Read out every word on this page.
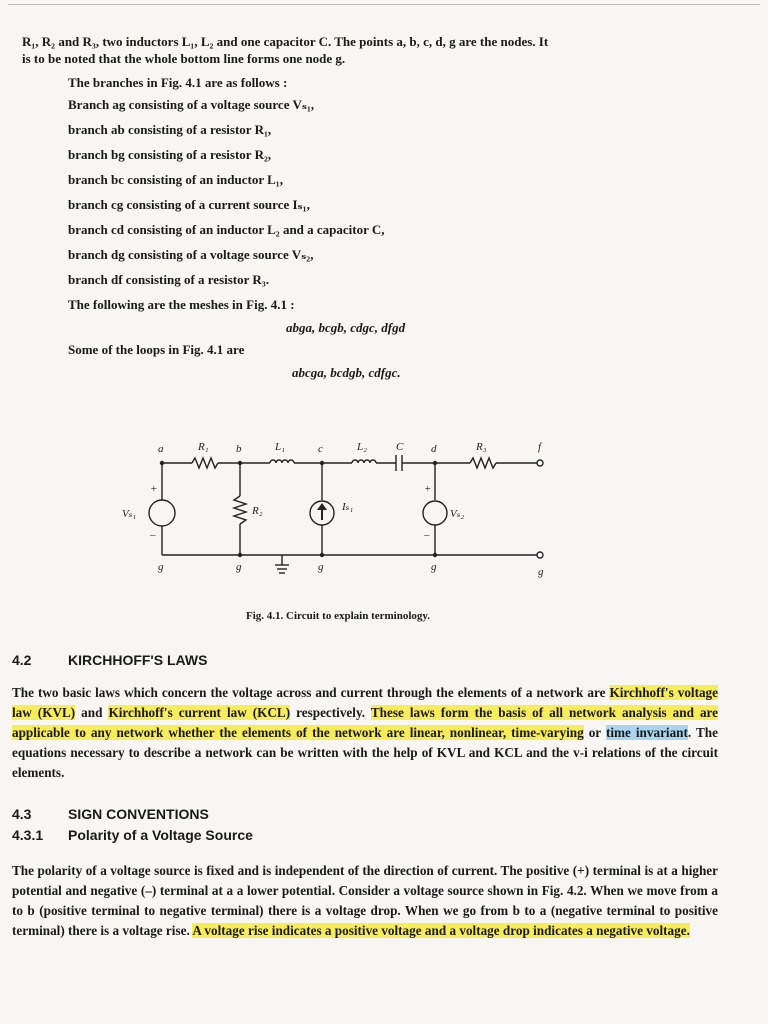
R₁, R₂ and R₃, two inductors L₁, L₂ and one capacitor C. The points a, b, c, d, g are the nodes. It
is to be noted that the whole bottom line forms one node g.
The branches in Fig. 4.1 are as follows :
Branch ag consisting of a voltage source Vₛ₁,
branch ab consisting of a resistor R₁,
branch bg consisting of a resistor R₂,
branch bc consisting of an inductor L₁,
branch cg consisting of a current source Iₛ₁,
branch cd consisting of an inductor L₂ and a capacitor C,
branch dg consisting of a voltage source Vₛ₂,
branch df consisting of a resistor R₃.
The following are the meshes in Fig. 4.1 :
abga, bcgb, cdgc, dfgd
Some of the loops in Fig. 4.1 are
abcga, bcdgb, cdfgc.
a	b	c	d	f
R₁	L₁	L₂	C	R₃
R₂
Vₛ₁
Iₛ₁
Vₛ₂
+
–
+
–
g	g	g	g	g
Fig. 4.1. Circuit to explain terminology.
4.2	KIRCHHOFF'S LAWS
The two basic laws which concern the voltage across and current through the elements of a network are Kirchhoff's voltage law (KVL) and Kirchhoff's current law (KCL) respectively. These laws form the basis of all network analysis and are applicable to any network whether the elements of the network are linear, nonlinear, time-varying or time invariant. The equations necessary to describe a network can be written with the help of KVL and KCL and the v-i relations of the circuit elements.
4.3	SIGN CONVENTIONS
4.3.1 Polarity of a Voltage Source
The polarity of a voltage source is fixed and is independent of the direction of current. The positive (+) terminal is at a higher potential and negative (–) terminal at a a lower potential. Consider a voltage source shown in Fig. 4.2. When we move from a to b (positive terminal to negative terminal) there is a voltage drop. When we go from b to a (negative terminal to positive terminal) there is a voltage rise. A voltage rise indicates a positive voltage and a voltage drop indicates a negative voltage.
